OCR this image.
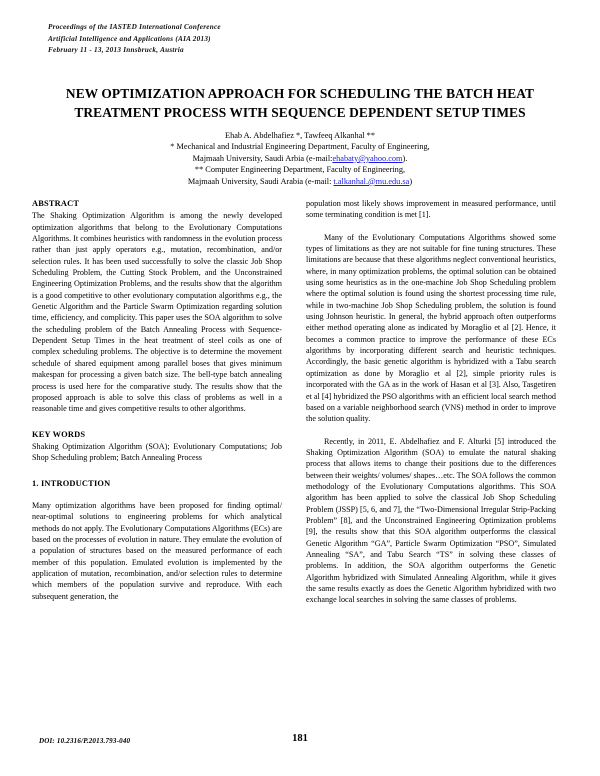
Proceedings of the IASTED International Conference
Artificial Intelligence and Applications (AIA 2013)
February 11 - 13, 2013 Innsbruck, Austria
NEW OPTIMIZATION APPROACH FOR SCHEDULING THE BATCH HEAT TREATMENT PROCESS WITH SEQUENCE DEPENDENT SETUP TIMES
Ehab A. Abdelhafiez *, Tawfeeq Alkanhal **
* Mechanical and Industrial Engineering Department, Faculty of Engineering,
Majmaah University, Saudi Arbia (e-mail:ehabaty@yahoo.com).
** Computer Engineering Department, Faculty of Engineering,
Majmaah University, Saudi Arabia (e-mail: t.alkanhal.@mu.edu.sa)
ABSTRACT

The Shaking Optimization Algorithm is among the newly developed optimization algorithms that belong to the Evolutionary Computations Algorithms. It combines heuristics with randomness in the evolution process rather than just apply operators e.g., mutation, recombination, and/or selection rules. It has been used successfully to solve the classic Job Shop Scheduling Problem, the Cutting Stock Problem, and the Unconstrained Engineering Optimization Problems, and the results show that the algorithm is a good competitive to other evolutionary computation algorithms e.g., the Genetic Algorithm and the Particle Swarm Optimization regarding solution time, efficiency, and complicity. This paper uses the SOA algorithm to solve the scheduling problem of the Batch Annealing Process with Sequence-Dependent Setup Times in the heat treatment of steel coils as one of complex scheduling problems. The objective is to determine the movement schedule of shared equipment among parallel boses that gives minimum makespan for processing a given batch size. The bell-type batch annealing process is used here for the comparative study. The results show that the proposed approach is able to solve this class of problems as well in a reasonable time and gives competitive results to other algorithms.

KEY WORDS

Shaking Optimization Algorithm (SOA); Evolutionary Computations; Job Shop Scheduling problem; Batch Annealing Process

1. INTRODUCTION

Many optimization algorithms have been proposed for finding optimal/ near-optimal solutions to engineering problems for which analytical methods do not apply. The Evolutionary Computations Algorithms (ECs) are based on the processes of evolution in nature. They emulate the evolution of a population of structures based on the measured performance of each member of this population. Emulated evolution is implemented by the application of mutation, recombination, and/or selection rules to determine which members of the population survive and reproduce. With each subsequent generation, the

population most likely shows improvement in measured performance, until some terminating condition is met [1].

Many of the Evolutionary Computations Algorithms showed some types of limitations as they are not suitable for fine tuning structures. These limitations are because that these algorithms neglect conventional heuristics, where, in many optimization problems, the optimal solution can be obtained using some heuristics as in the one-machine Job Shop Scheduling problem where the optimal solution is found using the shortest processing time rule, while in two-machine Job Shop Scheduling problem, the solution is found using Johnson heuristic. In general, the hybrid approach often outperforms either method operating alone as indicated by Moraglio et al [2]. Hence, it becomes a common practice to improve the performance of these ECs algorithms by incorporating different search and heuristic techniques. Accordingly, the basic genetic algorithm is hybridized with a Tabu search optimization as done by Moraglio et al [2], simple priority rules is incorporated with the GA as in the work of Hasan et al [3]. Also, Tasgetiren et al [4] hybridized the PSO algorithms with an efficient local search method based on a variable neighborhood search (VNS) method in order to improve the solution quality.

Recently, in 2011, E. Abdelhafiez and F. Alturki [5] introduced the Shaking Optimization Algorithm (SOA) to emulate the natural shaking process that allows items to change their positions due to the differences between their weights/ volumes/ shapes…etc. The SOA follows the common methodology of the Evolutionary Computations algorithms. This SOA algorithm has been applied to solve the classical Job Shop Scheduling Problem (JSSP) [5, 6, and 7], the “Two-Dimensional Irregular Strip-Packing Problem” [8], and the Unconstrained Engineering Optimization problems [9], the results show that this SOA algorithm outperforms the classical Genetic Algorithm “GA”, Particle Swarm Optimization “PSO”, Simulated Annealing “SA”, and Tabu Search “TS” in solving these classes of problems. In addition, the SOA algorithm outperforms the Genetic Algorithm hybridized with Simulated Annealing Algorithm, while it gives the same results exactly as does the Genetic Algorithm hybridized with two exchange local searches in solving the same classes of problems.

DOI: 10.2316/P.2013.793-040	181
